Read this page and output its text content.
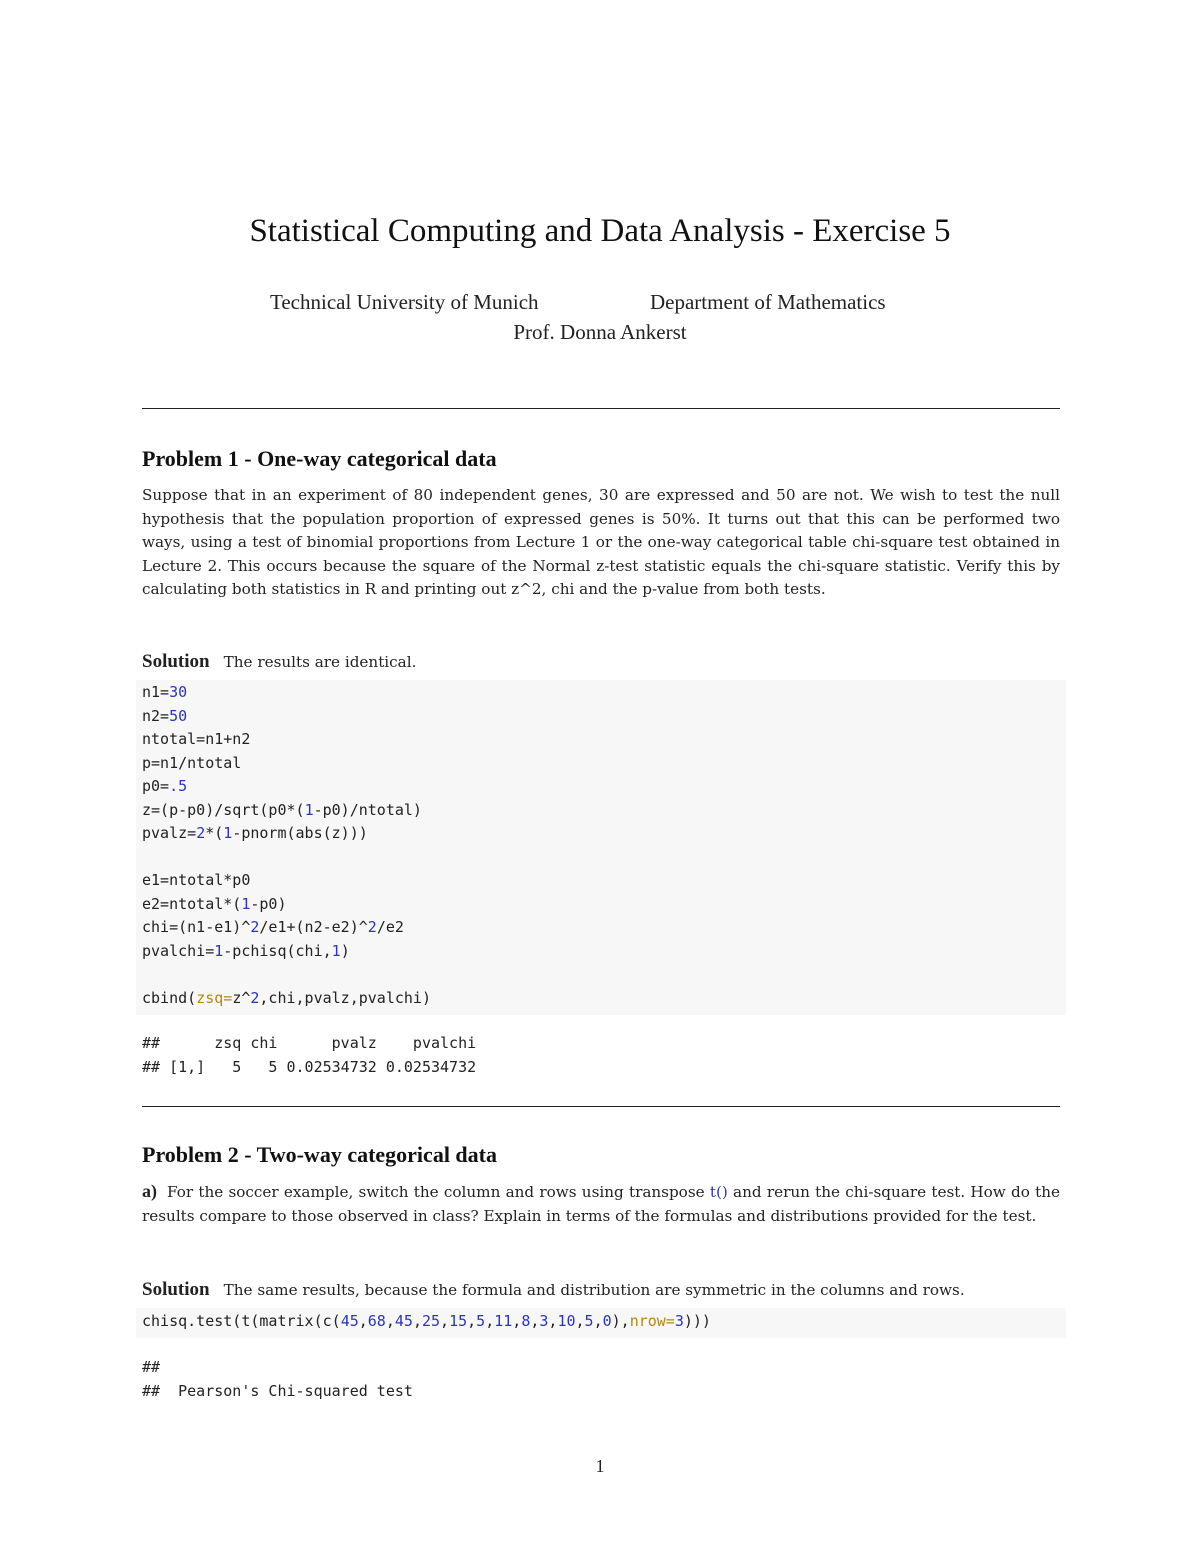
Statistical Computing and Data Analysis - Exercise 5
Technical University of Munich	Department of Mathematics
Prof. Donna Ankerst
Problem 1 - One-way categorical data
Suppose that in an experiment of 80 independent genes, 30 are expressed and 50 are not. We wish to test the null hypothesis that the population proportion of expressed genes is 50%. It turns out that this can be performed two ways, using a test of binomial proportions from Lecture 1 or the one-way categorical table chi-square test obtained in Lecture 2. This occurs because the square of the Normal z-test statistic equals the chi-square statistic. Verify this by calculating both statistics in R and printing out z^2, chi and the p-value from both tests.
Solution The results are identical.
n1=30
n2=50
ntotal=n1+n2
p=n1/ntotal
p0=.5
z=(p-p0)/sqrt(p0*(1-p0)/ntotal)
pvalz=2*(1-pnorm(abs(z)))

e1=ntotal*p0
e2=ntotal*(1-p0)
chi=(n1-e1)^2/e1+(n2-e2)^2/e2
pvalchi=1-pchisq(chi,1)

cbind(zsq=z^2,chi,pvalz,pvalchi)
##      zsq chi      pvalz    pvalchi
## [1,]   5   5 0.02534732 0.02534732
Problem 2 - Two-way categorical data
a) For the soccer example, switch the column and rows using transpose t() and rerun the chi-square test. How do the results compare to those observed in class? Explain in terms of the formulas and distributions provided for the test.
Solution The same results, because the formula and distribution are symmetric in the columns and rows.
chisq.test(t(matrix(c(45,68,45,25,15,5,11,8,3,10,5,0),nrow=3)))
##
##  Pearson's Chi-squared test
1
